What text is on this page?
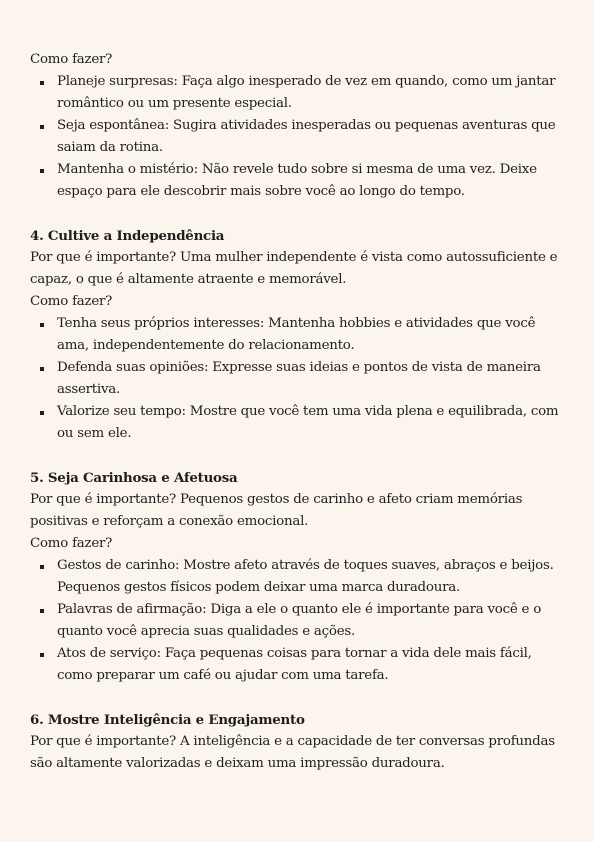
Como fazer?

Planeje surpresas: Faça algo inesperado de vez em quando, como um jantar romântico ou um presente especial.
Seja espontânea: Sugira atividades inesperadas ou pequenas aventuras que saiam da rotina.
Mantenha o mistério: Não revele tudo sobre si mesma de uma vez. Deixe espaço para ele descobrir mais sobre você ao longo do tempo.

4. Cultive a Independência

Por que é importante? Uma mulher independente é vista como autossuficiente e capaz, o que é altamente atraente e memorável.

Como fazer?

Tenha seus próprios interesses: Mantenha hobbies e atividades que você ama, independentemente do relacionamento.
Defenda suas opiniões: Expresse suas ideias e pontos de vista de maneira assertiva.
Valorize seu tempo: Mostre que você tem uma vida plena e equilibrada, com ou sem ele.

5. Seja Carinhosa e Afetuosa

Por que é importante? Pequenos gestos de carinho e afeto criam memórias positivas e reforçam a conexão emocional.

Como fazer?

Gestos de carinho: Mostre afeto através de toques suaves, abraços e beijos. Pequenos gestos físicos podem deixar uma marca duradoura.
Palavras de afirmação: Diga a ele o quanto ele é importante para você e o quanto você aprecia suas qualidades e ações.
Atos de serviço: Faça pequenas coisas para tornar a vida dele mais fácil, como preparar um café ou ajudar com uma tarefa.

6. Mostre Inteligência e Engajamento

Por que é importante? A inteligência e a capacidade de ter conversas profundas são altamente valorizadas e deixam uma impressão duradoura.
